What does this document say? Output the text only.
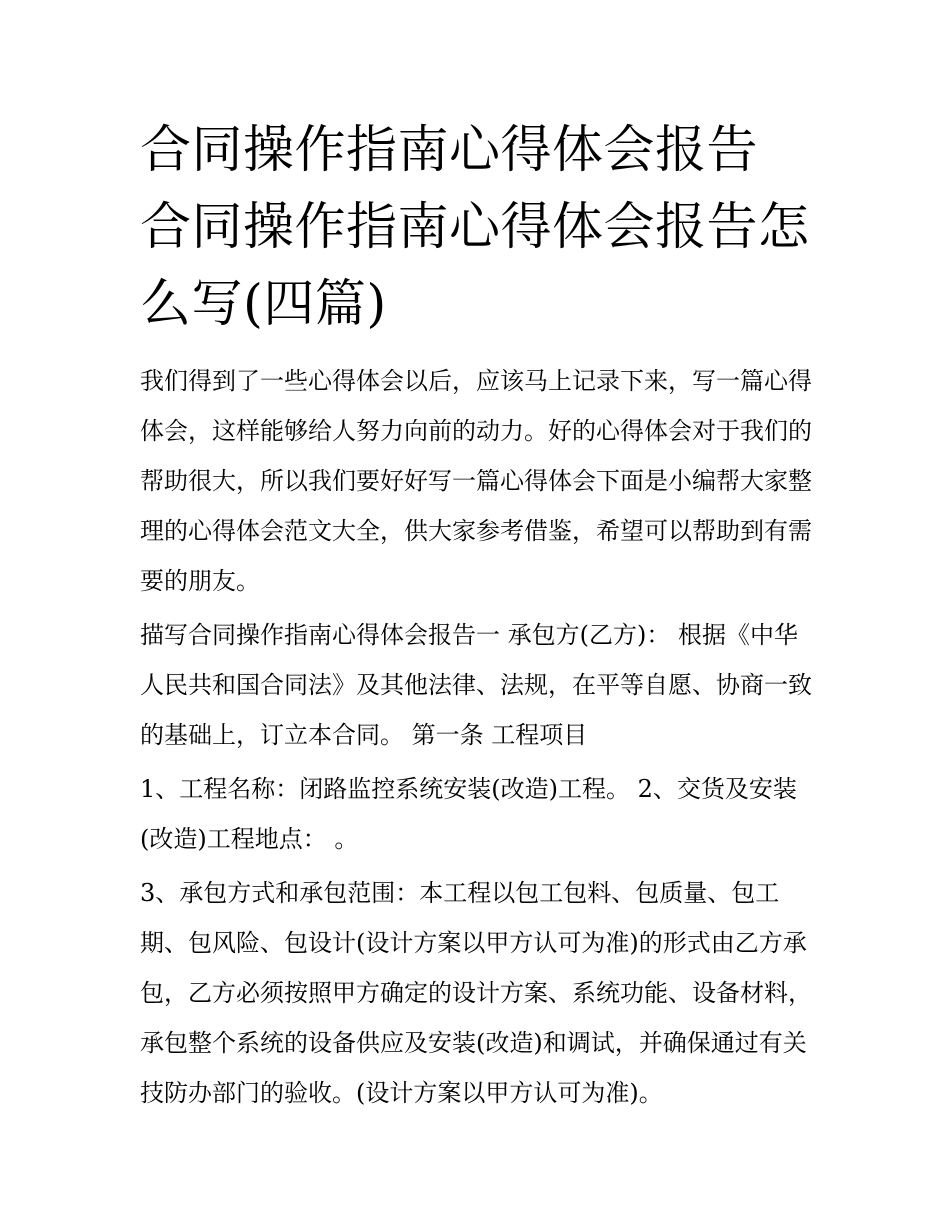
合同操作指南心得体会报告 合同操作指南心得体会报告怎么写(四篇)

我们得到了一些心得体会以后，应该马上记录下来，写一篇心得体会，这样能够给人努力向前的动力。好的心得体会对于我们的帮助很大，所以我们要好好写一篇心得体会下面是小编帮大家整理的心得体会范文大全，供大家参考借鉴，希望可以帮助到有需要的朋友。

描写合同操作指南心得体会报告一 承包方(乙方)： 根据《中华人民共和国合同法》及其他法律、法规，在平等自愿、协商一致的基础上，订立本合同。 第一条 工程项目

1、工程名称：闭路监控系统安装(改造)工程。 2、交货及安装(改造)工程地点： 。

3、承包方式和承包范围：本工程以包工包料、包质量、包工期、包风险、包设计(设计方案以甲方认可为准)的形式由乙方承包，乙方必须按照甲方确定的设计方案、系统功能、设备材料，承包整个系统的设备供应及安装(改造)和调试，并确保通过有关技防办部门的验收。(设计方案以甲方认可为准)。
